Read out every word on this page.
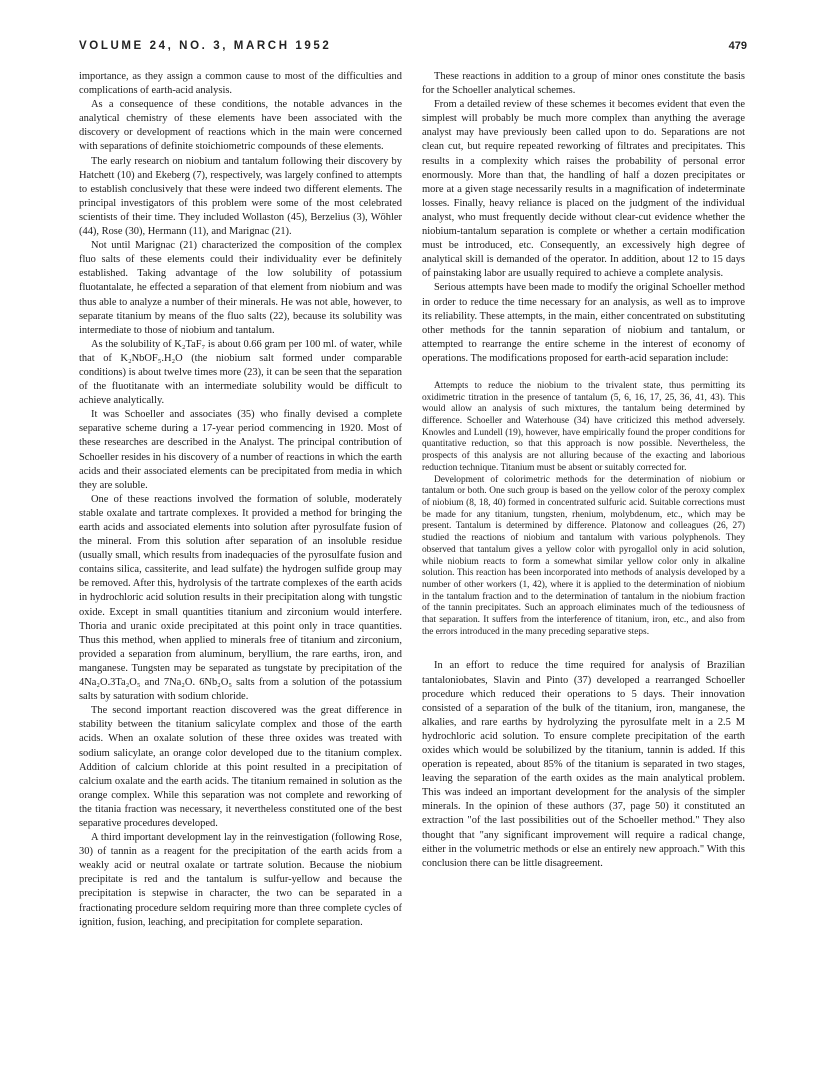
VOLUME 24, NO. 3, MARCH 1952	479

importance, as they assign a common cause to most of the difficulties and complications of earth-acid analysis.

As a consequence of these conditions, the notable advances in the analytical chemistry of these elements have been associated with the discovery or development of reactions which in the main were concerned with separations of definite stoichiometric compounds of these elements.

The early research on niobium and tantalum following their discovery by Hatchett (10) and Ekeberg (7), respectively, was largely confined to attempts to establish conclusively that these were indeed two different elements. The principal investigators of this problem were some of the most celebrated scientists of their time. They included Wollaston (45), Berzelius (3), Wöhler (44), Rose (30), Hermann (11), and Marignac (21).

Not until Marignac (21) characterized the composition of the complex fluo salts of these elements could their individuality ever be definitely established. Taking advantage of the low solubility of potassium fluotantalate, he effected a separation of that element from niobium and was thus able to analyze a number of their minerals. He was not able, however, to separate titanium by means of the fluo salts (22), because its solubility was intermediate to those of niobium and tantalum.

As the solubility of K₂TaF₇ is about 0.66 gram per 100 ml. of water, while that of K₂NbOF₅.H₂O (the niobium salt formed under comparable conditions) is about twelve times more (23), it can be seen that the separation of the fluotitanate with an intermediate solubility would be difficult to achieve analytically.

It was Schoeller and associates (35) who finally devised a complete separative scheme during a 17-year period commencing in 1920. Most of these researches are described in the Analyst. The principal contribution of Schoeller resides in his discovery of a number of reactions in which the earth acids and their associated elements can be precipitated from media in which they are soluble.

One of these reactions involved the formation of soluble, moderately stable oxalate and tartrate complexes. It provided a method for bringing the earth acids and associated elements into solution after pyrosulfate fusion of the mineral. From this solution after separation of an insoluble residue (usually small, which results from inadequacies of the pyrosulfate fusion and contains silica, cassiterite, and lead sulfate) the hydrogen sulfide group may be removed. After this, hydrolysis of the tartrate complexes of the earth acids in hydrochloric acid solution results in their precipitation along with tungstic oxide. Except in small quantities titanium and zirconium would interfere. Thoria and uranic oxide precipitated at this point only in trace quantities. Thus this method, when applied to minerals free of titanium and zirconium, provided a separation from aluminum, beryllium, the rare earths, iron, and manganese. Tungsten may be separated as tungstate by precipitation of the 4Na₂O.3Ta₂O₅ and 7Na₂O. 6Nb₂O₅ salts from a solution of the potassium salts by saturation with sodium chloride.

The second important reaction discovered was the great difference in stability between the titanium salicylate complex and those of the earth acids. When an oxalate solution of these three oxides was treated with sodium salicylate, an orange color developed due to the titanium complex. Addition of calcium chloride at this point resulted in a precipitation of calcium oxalate and the earth acids. The titanium remained in solution as the orange complex. While this separation was not complete and reworking of the titania fraction was necessary, it nevertheless constituted one of the best separative procedures developed.

A third important development lay in the reinvestigation (following Rose, 30) of tannin as a reagent for the precipitation of the earth acids from a weakly acid or neutral oxalate or tartrate solution. Because the niobium precipitate is red and the tantalum is sulfur-yellow and because the precipitation is stepwise in character, the two can be separated in a fractionating procedure seldom requiring more than three complete cycles of ignition, fusion, leaching, and precipitation for complete separation.

These reactions in addition to a group of minor ones constitute the basis for the Schoeller analytical schemes.

From a detailed review of these schemes it becomes evident that even the simplest will probably be much more complex than anything the average analyst may have previously been called upon to do. Separations are not clean cut, but require repeated reworking of filtrates and precipitates. This results in a complexity which raises the probability of personal error enormously. More than that, the handling of half a dozen precipitates or more at a given stage necessarily results in a magnification of indeterminate losses. Finally, heavy reliance is placed on the judgment of the individual analyst, who must frequently decide without clear-cut evidence whether the niobium-tantalum separation is complete or whether a certain modification must be introduced, etc. Consequently, an excessively high degree of analytical skill is demanded of the operator. In addition, about 12 to 15 days of painstaking labor are usually required to achieve a complete analysis.

Serious attempts have been made to modify the original Schoeller method in order to reduce the time necessary for an analysis, as well as to improve its reliability. These attempts, in the main, either concentrated on substituting other methods for the tannin separation of niobium and tantalum, or attempted to rearrange the entire scheme in the interest of economy of operations. The modifications proposed for earth-acid separation include:

Attempts to reduce the niobium to the trivalent state, thus permitting its oxidimetric titration in the presence of tantalum (5, 6, 16, 17, 25, 36, 41, 43). This would allow an analysis of such mixtures, the tantalum being determined by difference. Schoeller and Waterhouse (34) have criticized this method adversely. Knowles and Lundell (19), however, have empirically found the proper conditions for quantitative reduction, so that this approach is now possible. Nevertheless, the prospects of this analysis are not alluring because of the exacting and laborious reduction technique. Titanium must be absent or suitably corrected for.

Development of colorimetric methods for the determination of niobium or tantalum or both. One such group is based on the yellow color of the peroxy complex of niobium (8, 18, 40) formed in concentrated sulfuric acid. Suitable corrections must be made for any titanium, tungsten, rhenium, molybdenum, etc., which may be present. Tantalum is determined by difference. Platonow and colleagues (26, 27) studied the reactions of niobium and tantalum with various polyphenols. They observed that tantalum gives a yellow color with pyrogallol only in acid solution, while niobium reacts to form a somewhat similar yellow color only in alkaline solution. This reaction has been incorporated into methods of analysis developed by a number of other workers (1, 42), where it is applied to the determination of niobium in the tantalum fraction and to the determination of tantalum in the niobium fraction of the tannin precipitates. Such an approach eliminates much of the tediousness of that separation. It suffers from the interference of titanium, iron, etc., and also from the errors introduced in the many preceding separative steps.

In an effort to reduce the time required for analysis of Brazilian tantaloniobates, Slavin and Pinto (37) developed a rearranged Schoeller procedure which reduced their operations to 5 days. Their innovation consisted of a separation of the bulk of the titanium, iron, manganese, the alkalies, and rare earths by hydrolyzing the pyrosulfate melt in a 2.5 M hydrochloric acid solution. To ensure complete precipitation of the earth oxides which would be solubilized by the titanium, tannin is added. If this operation is repeated, about 85% of the titanium is separated in two stages, leaving the separation of the earth oxides as the main analytical problem. This was indeed an important development for the analysis of the simpler minerals. In the opinion of these authors (37, page 50) it constituted an extraction "of the last possibilities out of the Schoeller method." They also thought that "any significant improvement will require a radical change, either in the volumetric methods or else an entirely new approach." With this conclusion there can be little disagreement.
